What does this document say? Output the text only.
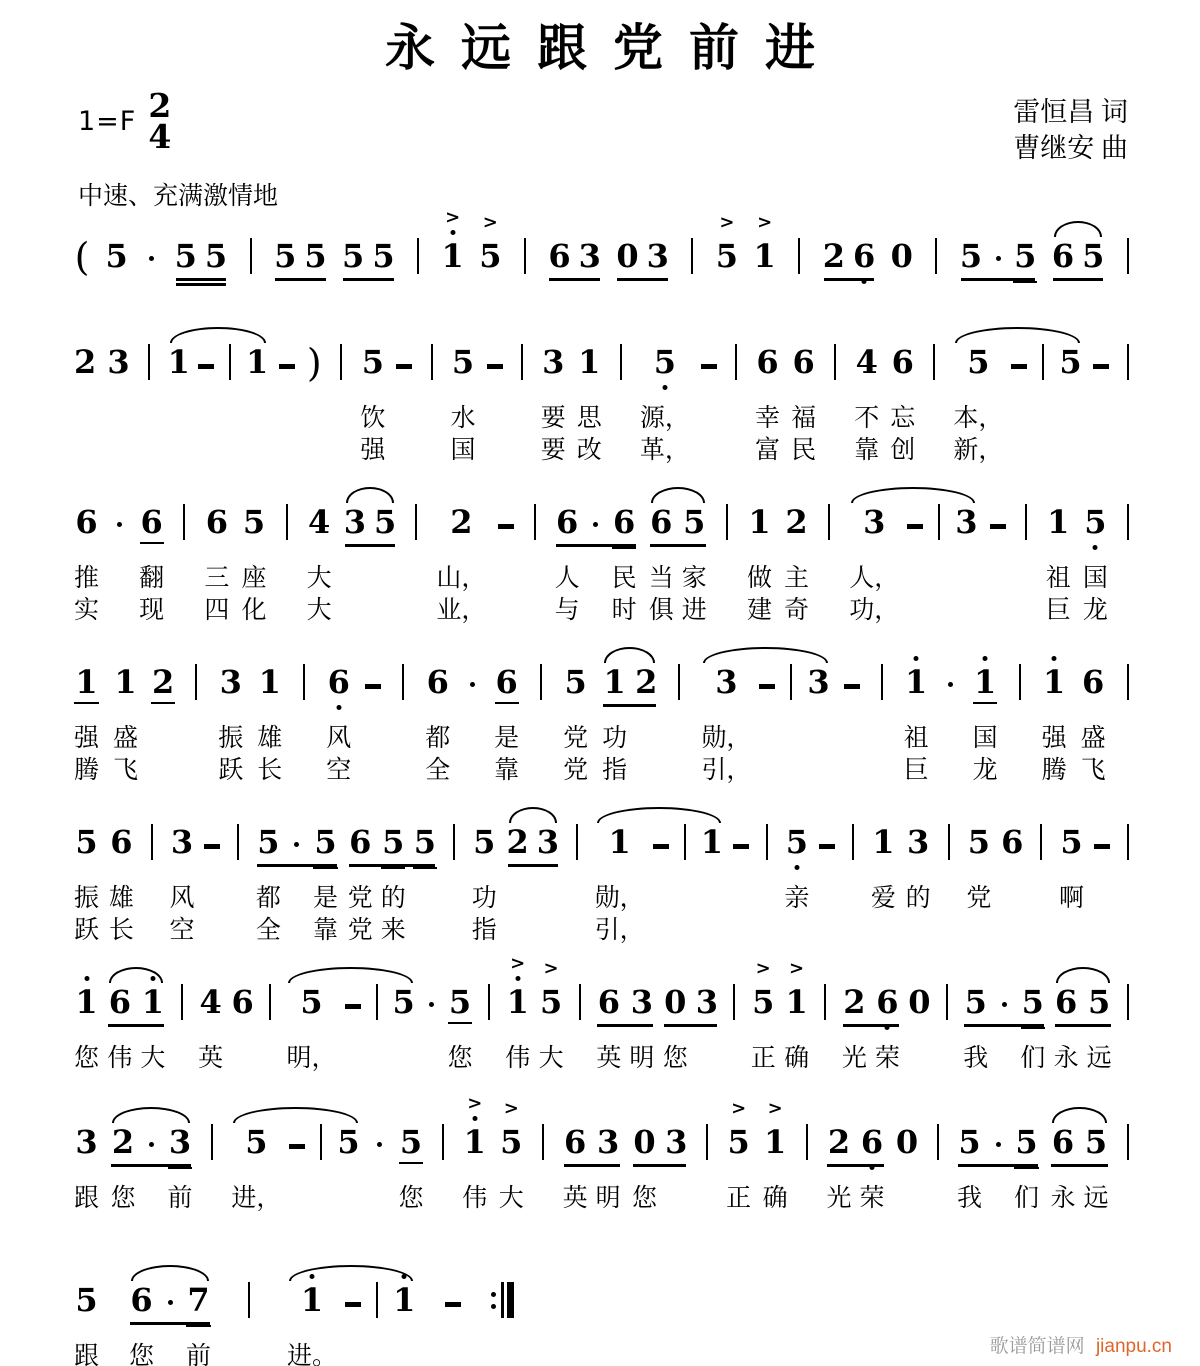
永远跟党前进
1=F 2
4
雷恒昌 词
曹继安 曲
中速、充满激情地
( 5 5 5 5 5 5 5 1
>
5
>
6 3 0 3 5
>
1
>
2 6 0 5 5 6 5
2 3 1 1 ) 5
饮
强
5
水
国
3
要
要
1
思
改
5
源，
革，
6
幸
富
6
福
民
4
不
靠
6
忘
创
5
本，
新，
5
6
推
实
6
翻
现
6
三
四
5
座
化
4
大
大
3 5 2
山，
业，
6
人
与
6
民
时
6
当
俱
5
家
进
1
做
建
2
主
奇
3
人，
功，
3 1
祖
巨
5
国
龙
1
强
腾
1
盛
飞
2 3
振
跃
1
雄
长
6
风
空
6
都
全
6
是
靠
5
党
党
1
功
指
2 3
勋，
引，
3 1
祖
巨
1
国
龙
1
强
腾
6
盛
飞
5
振
跃
6
雄
长
3
风
空
5
都
全
5
是
靠
6
党
党
5
的
来
5 5
功
指
2 3 1
勋，
引，
1 5
亲
1
爱
3
的
5
党
6 5
啊
1
您
6
伟
1
大
4
英
6 5
明，
5 5
您
1
>
伟
5
>
大
6
英
3
明
0
您
3 5
>
正
1
>
确
2
光
6
荣
0 5
我
5
们
6
永
5
远
3
跟
2
您
3
前
5
进，
5 5
您
1
>
伟
5
>
大
6
英
3
明
0
您
3 5
>
正
1
>
确
2
光
6
荣
0 5
我
5
们
6
永
5
远
5
跟
6
您
7
前
1
进。
1
歌谱简谱网 jianpu.cn
